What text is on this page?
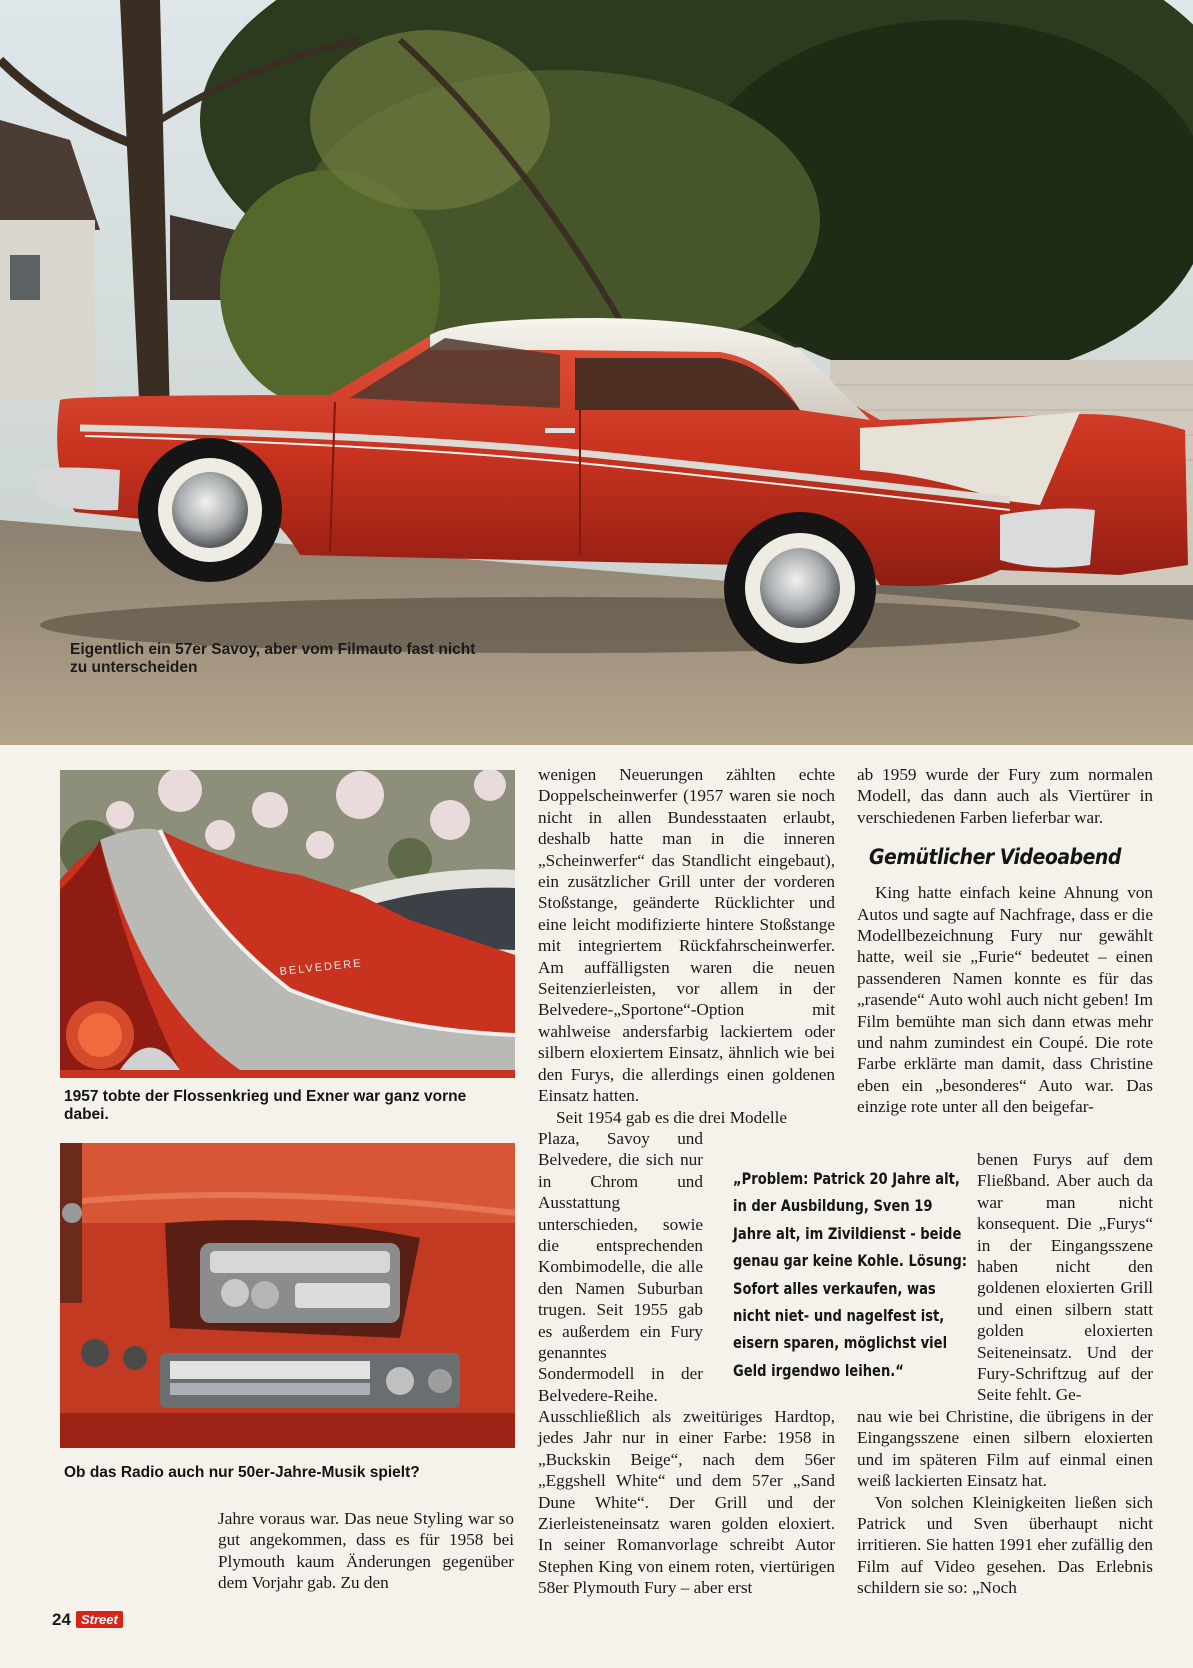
BELVEDERE
Eigentlich ein 57er Savoy, aber vom Filmauto fast nicht zu unterscheiden
BELVEDERE
1957 tobte der Flossenkrieg und Exner war ganz vorne dabei.
Ob das Radio auch nur 50er-Jahre-Musik spielt?

Jahre voraus war. Das neue Styling war so gut angekommen, dass es für 1958 bei Plymouth kaum Änderungen gegenüber dem Vorjahr gab. Zu den

wenigen Neuerungen zählten echte Doppelscheinwerfer (1957 waren sie noch nicht in allen Bundesstaaten erlaubt, deshalb hatte man in die inneren „Scheinwerfer“ das Standlicht eingebaut), ein zusätzlicher Grill unter der vorderen Stoßstange, geänderte Rücklichter und eine leicht modifizierte hintere Stoßstange mit integriertem Rückfahrscheinwerfer. Am auffälligsten waren die neuen Seitenzierleisten, vor allem in der Belvedere-„Sportone“-Option mit wahlweise andersfarbig lackiertem oder silbern eloxiertem Einsatz, ähnlich wie bei den Furys, die allerdings einen goldenen Einsatz hatten.

Seit 1954 gab es die drei Modelle

Plaza, Savoy und Belvedere, die sich nur in Chrom und Ausstattung unterschieden, sowie die entsprechenden Kombimodelle, die alle den Namen Suburban trugen. Seit 1955 gab es außerdem ein Fury genanntes Sondermodell in der Belvedere-Reihe.

Ausschließlich als zweitüriges Hardtop, jedes Jahr nur in einer Farbe: 1958 in „Buckskin Beige“, nach dem 56er „Eggshell White“ und dem 57er „Sand Dune White“. Der Grill und der Zierleisteneinsatz waren golden eloxiert. In seiner Romanvorlage schreibt Autor Stephen King von einem roten, viertürigen 58er Plymouth Fury – aber erst

ab 1959 wurde der Fury zum normalen Modell, das dann auch als Viertürer in verschiedenen Farben lieferbar war.

King hatte einfach keine Ahnung von Autos und sagte auf Nachfrage, dass er die Modellbezeichnung Fury nur gewählt hatte, weil sie „Furie“ bedeutet – einen passenderen Namen konnte es für das „rasende“ Auto wohl auch nicht geben! Im Film bemühte man sich dann etwas mehr und nahm zumindest ein Coupé. Die rote Farbe erklärte man damit, dass Christine eben ein „besonderes“ Auto war. Das einzige rote unter all den beigefar-

Gemütlicher Videoabend

benen Furys auf dem Fließband. Aber auch da war man nicht konsequent. Die „Furys“ in der Eingangsszene haben nicht den goldenen eloxierten Grill und einen silbern statt golden eloxierten Seiteneinsatz. Und der Fury-Schriftzug auf der Seite fehlt. Ge-

nau wie bei Christine, die übrigens in der Eingangsszene einen silbern eloxierten und im späteren Film auf einmal einen weiß lackierten Einsatz hat.

Von solchen Kleinigkeiten ließen sich Patrick und Sven überhaupt nicht irritieren. Sie hatten 1991 eher zufällig den Film auf Video gesehen. Das Erlebnis schildern sie so: „Noch

„Problem: Patrick 20 Jahre alt, in der Ausbildung, Sven 19 Jahre alt, im Zivildienst - beide genau gar keine Kohle. Lösung: Sofort alles verkaufen, was nicht niet- und nagelfest ist, eisern sparen, möglichst viel Geld irgendwo leihen.“
24 Street
